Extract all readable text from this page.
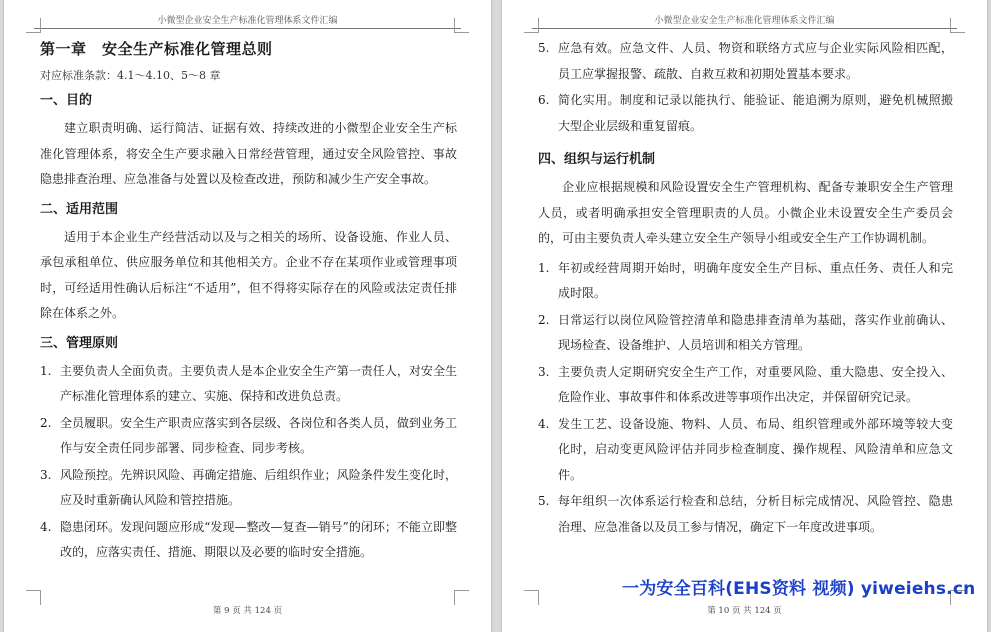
小微型企业安全生产标准化管理体系文件汇编
第一章　安全生产标准化管理总则
对应标准条款：4.1～4.10、5～8 章
一、目的
建立职责明确、运行简洁、证据有效、持续改进的小微型企业安全生产标准化管理体系，将安全生产要求融入日常经营管理，通过安全风险管控、事故隐患排查治理、应急准备与处置以及检查改进，预防和减少生产安全事故。
二、适用范围
适用于本企业生产经营活动以及与之相关的场所、设备设施、作业人员、承包承租单位、供应服务单位和其他相关方。企业不存在某项作业或管理事项时，可经适用性确认后标注“不适用”，但不得将实际存在的风险或法定责任排除在体系之外。
三、管理原则
1. 主要负责人全面负责。主要负责人是本企业安全生产第一责任人，对安全生产标准化管理体系的建立、实施、保持和改进负总责。
2. 全员履职。安全生产职责应落实到各层级、各岗位和各类人员，做到业务工作与安全责任同步部署、同步检查、同步考核。
3. 风险预控。先辨识风险、再确定措施、后组织作业；风险条件发生变化时，应及时重新确认风险和管控措施。
4. 隐患闭环。发现问题应形成“发现—整改—复查—销号”的闭环；不能立即整改的，应落实责任、措施、期限以及必要的临时安全措施。
第 9 页 共 124 页
小微型企业安全生产标准化管理体系文件汇编
5. 应急有效。应急文件、人员、物资和联络方式应与企业实际风险相匹配，员工应掌握报警、疏散、自救互救和初期处置基本要求。
6. 简化实用。制度和记录以能执行、能验证、能追溯为原则，避免机械照搬大型企业层级和重复留痕。
四、组织与运行机制
企业应根据规模和风险设置安全生产管理机构、配备专兼职安全生产管理人员，或者明确承担安全管理职责的人员。小微企业未设置安全生产委员会的，可由主要负责人牵头建立安全生产领导小组或安全生产工作协调机制。
1. 年初或经营周期开始时，明确年度安全生产目标、重点任务、责任人和完成时限。
2. 日常运行以岗位风险管控清单和隐患排查清单为基础，落实作业前确认、现场检查、设备维护、人员培训和相关方管理。
3. 主要负责人定期研究安全生产工作，对重要风险、重大隐患、安全投入、危险作业、事故事件和体系改进等事项作出决定，并保留研究记录。
4. 发生工艺、设备设施、物料、人员、布局、组织管理或外部环境等较大变化时，启动变更风险评估并同步检查制度、操作规程、风险清单和应急文件。
5. 每年组织一次体系运行检查和总结，分析目标完成情况、风险管控、隐患治理、应急准备以及员工参与情况，确定下一年度改进事项。
第 10 页 共 124 页
一为安全百科(EHS资料 视频) yiweiehs.cn
